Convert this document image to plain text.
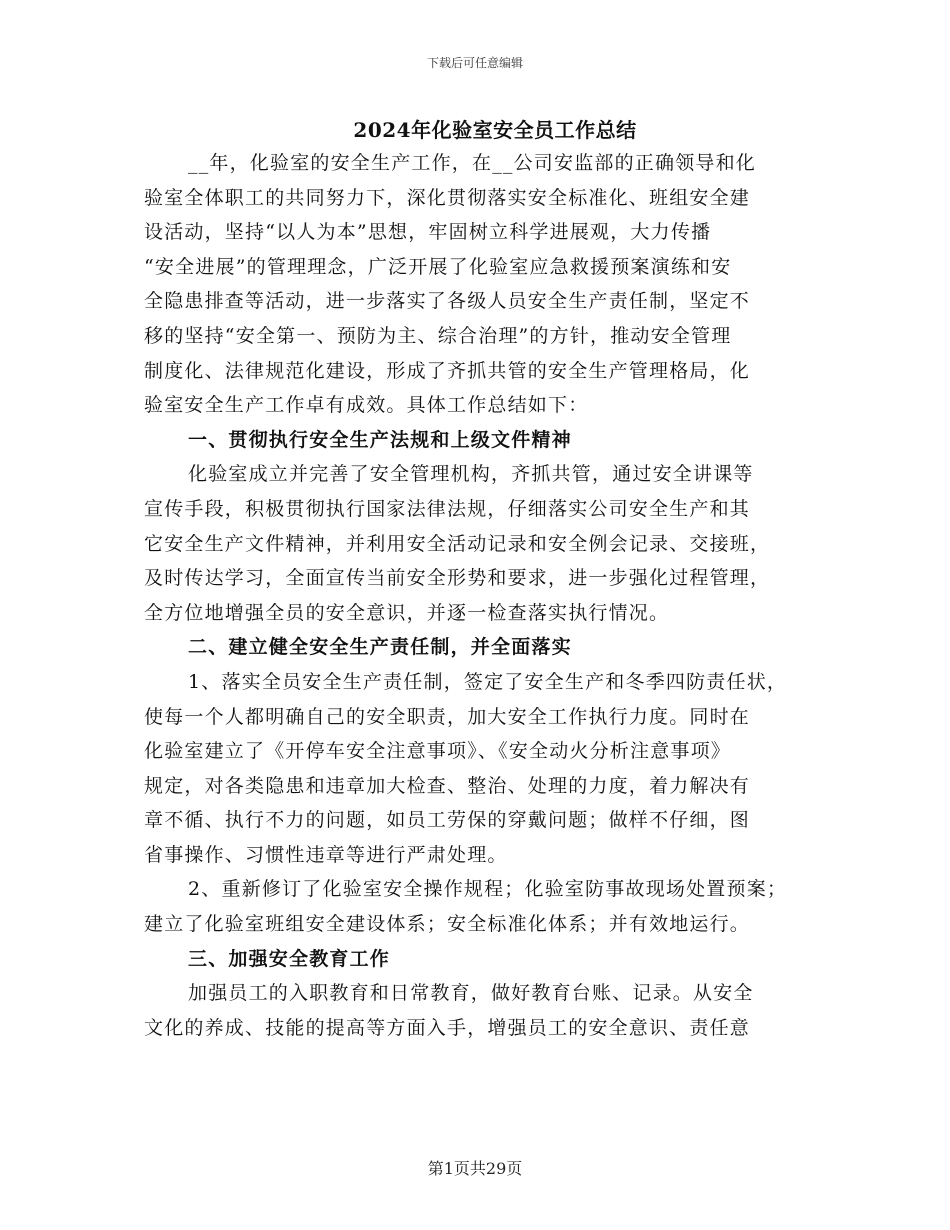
下载后可任意编辑
2024年化验室安全员工作总结
__年，化验室的安全生产工作，在__公司安监部的正确领导和化
验室全体职工的共同努力下，深化贯彻落实安全标准化、班组安全建
设活动，坚持“以人为本”思想，牢固树立科学进展观，大力传播
“安全进展”的管理理念，广泛开展了化验室应急救援预案演练和安
全隐患排查等活动，进一步落实了各级人员安全生产责任制，坚定不
移的坚持“安全第一、预防为主、综合治理”的方针，推动安全管理
制度化、法律规范化建设，形成了齐抓共管的安全生产管理格局，化
验室安全生产工作卓有成效。具体工作总结如下：
一、贯彻执行安全生产法规和上级文件精神
化验室成立并完善了安全管理机构，齐抓共管，通过安全讲课等
宣传手段，积极贯彻执行国家法律法规，仔细落实公司安全生产和其
它安全生产文件精神，并利用安全活动记录和安全例会记录、交接班，
及时传达学习，全面宣传当前安全形势和要求，进一步强化过程管理，
全方位地增强全员的安全意识，并逐一检查落实执行情况。
二、建立健全安全生产责任制，并全面落实
1、落实全员安全生产责任制，签定了安全生产和冬季四防责任状，
使每一个人都明确自己的安全职责，加大安全工作执行力度。同时在
化验室建立了《开停车安全注意事项》、《安全动火分析注意事项》
规定，对各类隐患和违章加大检查、整治、处理的力度，着力解决有
章不循、执行不力的问题，如员工劳保的穿戴问题；做样不仔细，图
省事操作、习惯性违章等进行严肃处理。
2、重新修订了化验室安全操作规程；化验室防事故现场处置预案；
建立了化验室班组安全建设体系；安全标准化体系；并有效地运行。
三、加强安全教育工作
加强员工的入职教育和日常教育，做好教育台账、记录。从安全
文化的养成、技能的提高等方面入手，增强员工的安全意识、责任意
第1页共29页
